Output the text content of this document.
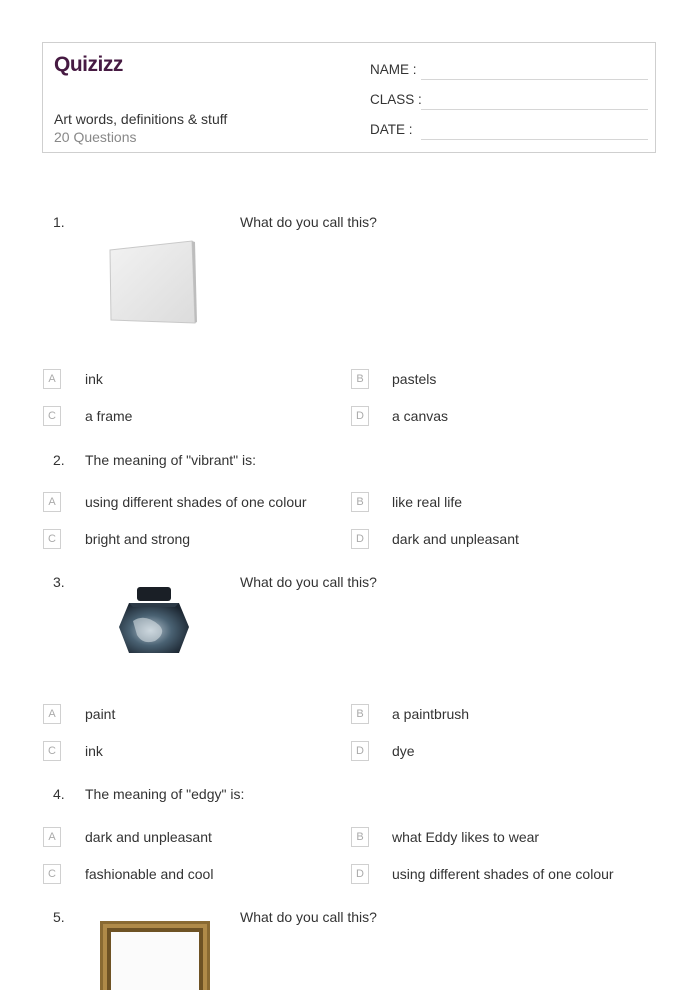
Quizizz
Art words, definitions & stuff
20 Questions
NAME :
CLASS :
DATE :
1.	What do you call this?
A	ink	B	pastels
C	a frame	D	a canvas
2. The meaning of "vibrant" is:
A	using different shades of one colour	B	like real life
C	bright and strong	D	dark and unpleasant
3.	What do you call this?
A	paint	B	a paintbrush
C	ink	D	dye
4. The meaning of "edgy" is:
A	dark and unpleasant	B	what Eddy likes to wear
C	fashionable and cool	D	using different shades of one colour
5.	What do you call this?
